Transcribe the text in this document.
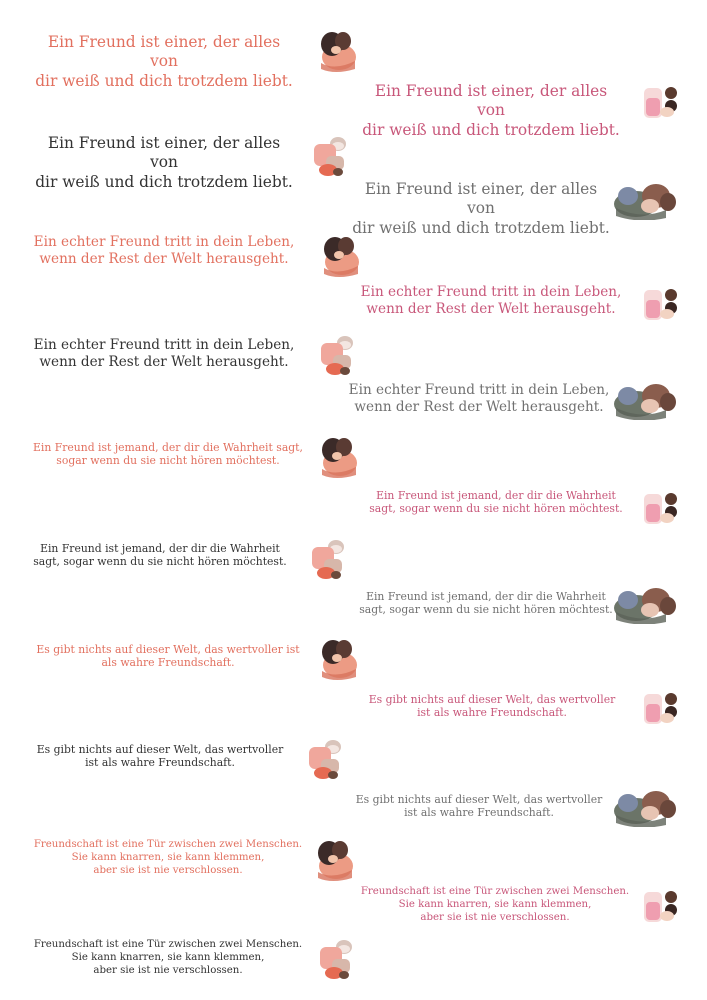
Ein Freund ist einer, der alles von
dir weiß und dich trotzdem liebt.
Ein Freund ist einer, der alles von
dir weiß und dich trotzdem liebt.
Ein Freund ist einer, der alles von
dir weiß und dich trotzdem liebt.	Ein Freund ist einer, der alles von
dir weiß und dich trotzdem liebt.
Ein echter Freund tritt in dein Leben,
wenn der Rest der Welt herausgeht.
Ein echter Freund tritt in dein Leben,
wenn der Rest der Welt herausgeht.
Ein echter Freund tritt in dein Leben,
wenn der Rest der Welt herausgeht.
Ein echter Freund tritt in dein Leben,
wenn der Rest der Welt herausgeht.
Ein Freund ist jemand, der dir die Wahrheit sagt,
sogar wenn du sie nicht hören möchtest.
Ein Freund ist jemand, der dir die Wahrheit
sagt, sogar wenn du sie nicht hören möchtest.
Ein Freund ist jemand, der dir die Wahrheit
sagt, sogar wenn du sie nicht hören möchtest.
Ein Freund ist jemand, der dir die Wahrheit
sagt, sogar wenn du sie nicht hören möchtest.
Es gibt nichts auf dieser Welt, das wertvoller ist
als wahre Freundschaft.
Es gibt nichts auf dieser Welt, das wertvoller
ist als wahre Freundschaft.
Es gibt nichts auf dieser Welt, das wertvoller
ist als wahre Freundschaft.
Es gibt nichts auf dieser Welt, das wertvoller
ist als wahre Freundschaft.
Freundschaft ist eine Tür zwischen zwei Menschen.
Sie kann knarren, sie kann klemmen,
aber sie ist nie verschlossen.
Freundschaft ist eine Tür zwischen zwei Menschen.
Sie kann knarren, sie kann klemmen,
aber sie ist nie verschlossen.
Freundschaft ist eine Tür zwischen zwei Menschen.
Sie kann knarren, sie kann klemmen,
aber sie ist nie verschlossen.
